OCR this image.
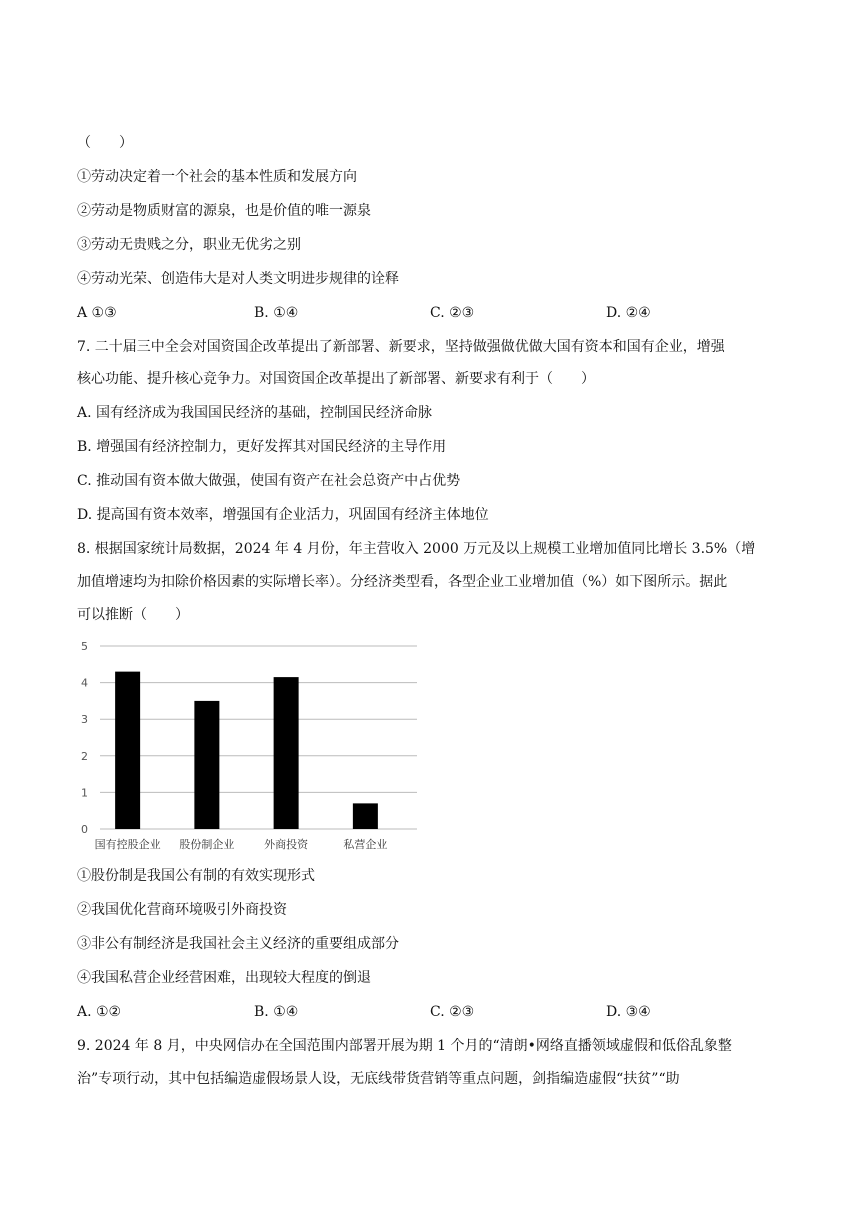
（　　）
①劳动决定着一个社会的基本性质和发展方向
②劳动是物质财富的源泉，也是价值的唯一源泉
③劳动无贵贱之分，职业无优劣之别
④劳动光荣、创造伟大是对人类文明进步规律的诠释
A ①③	B. ①④	C. ②③	D. ②④
7. 二十届三中全会对国资国企改革提出了新部署、新要求，坚持做强做优做大国有资本和国有企业，增强
核心功能、提升核心竞争力。对国资国企改革提出了新部署、新要求有利于（　　）
A. 国有经济成为我国国民经济的基础，控制国民经济命脉
B. 增强国有经济控制力，更好发挥其对国民经济的主导作用
C. 推动国有资本做大做强，使国有资产在社会总资产中占优势
D. 提高国有资本效率，增强国有企业活力，巩固国有经济主体地位
8. 根据国家统计局数据，2024 年 4 月份，年主营收入 2000 万元及以上规模工业增加值同比增长 3.5%（增
加值增速均为扣除价格因素的实际增长率）。分经济类型看，各型企业工业增加值（%）如下图所示。据此
可以推断（　　）
0
1
2
3
4
5
国有控股企业 股份制企业	外商投资	私营企业
①股份制是我国公有制的有效实现形式
②我国优化营商环境吸引外商投资
③非公有制经济是我国社会主义经济的重要组成部分
④我国私营企业经营困难，出现较大程度的倒退
A. ①②	B. ①④	C. ②③	D. ③④
9. 2024 年 8 月，中央网信办在全国范围内部署开展为期 1 个月的“清朗•网络直播领域虚假和低俗乱象整
治”专项行动，其中包括编造虚假场景人设，无底线带货营销等重点问题，剑指编造虚假“扶贫”“助
